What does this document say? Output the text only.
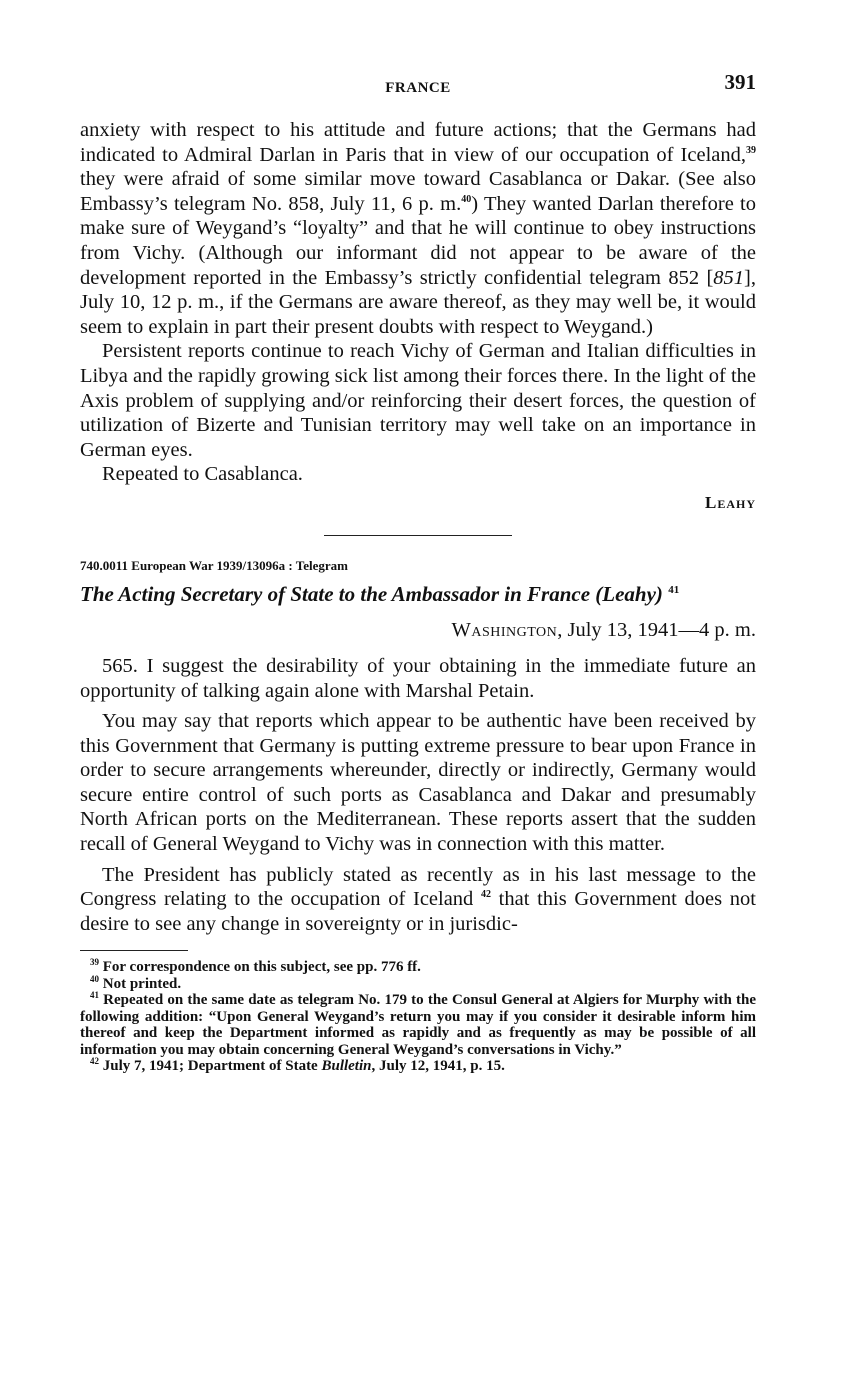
FRANCE	391

anxiety with respect to his attitude and future actions; that the Germans had indicated to Admiral Darlan in Paris that in view of our occupation of Iceland,$^{39}$ they were afraid of some similar move toward Casablanca or Dakar. (See also Embassy’s telegram No. 858, July 11, 6 p. m.$^{40}$) They wanted Darlan therefore to make sure of Weygand’s “loyalty” and that he will continue to obey instructions from Vichy. (Although our informant did not appear to be aware of the development reported in the Embassy’s strictly confidential telegram 852 [851], July 10, 12 p. m., if the Germans are aware thereof, as they may well be, it would seem to explain in part their present doubts with respect to Weygand.)

Persistent reports continue to reach Vichy of German and Italian difficulties in Libya and the rapidly growing sick list among their forces there. In the light of the Axis problem of supplying and/or reinforcing their desert forces, the question of utilization of Bizerte and Tunisian territory may well take on an importance in German eyes.

Repeated to Casablanca.

Leahy
740.0011 European War 1939/13096a : Telegram
The Acting Secretary of State to the Ambassador in France (Leahy) $^{41}$
Washington, July 13, 1941—4 p. m.

565. I suggest the desirability of your obtaining in the immediate future an opportunity of talking again alone with Marshal Petain.

You may say that reports which appear to be authentic have been received by this Government that Germany is putting extreme pressure to bear upon France in order to secure arrangements whereunder, directly or indirectly, Germany would secure entire control of such ports as Casablanca and Dakar and presumably North African ports on the Mediterranean. These reports assert that the sudden recall of General Weygand to Vichy was in connection with this matter.

The President has publicly stated as recently as in his last message to the Congress relating to the occupation of Iceland $^{42}$ that this Government does not desire to see any change in sovereignty or in jurisdic-

$^{39}$ For correspondence on this subject, see pp. 776 ff.

$^{40}$ Not printed.

$^{41}$ Repeated on the same date as telegram No. 179 to the Consul General at Algiers for Murphy with the following addition: “Upon General Weygand’s return you may if you consider it desirable inform him thereof and keep the Department informed as rapidly and as frequently as may be possible of all information you may obtain concerning General Weygand’s conversations in Vichy.”

$^{42}$ July 7, 1941; Department of State Bulletin, July 12, 1941, p. 15.
